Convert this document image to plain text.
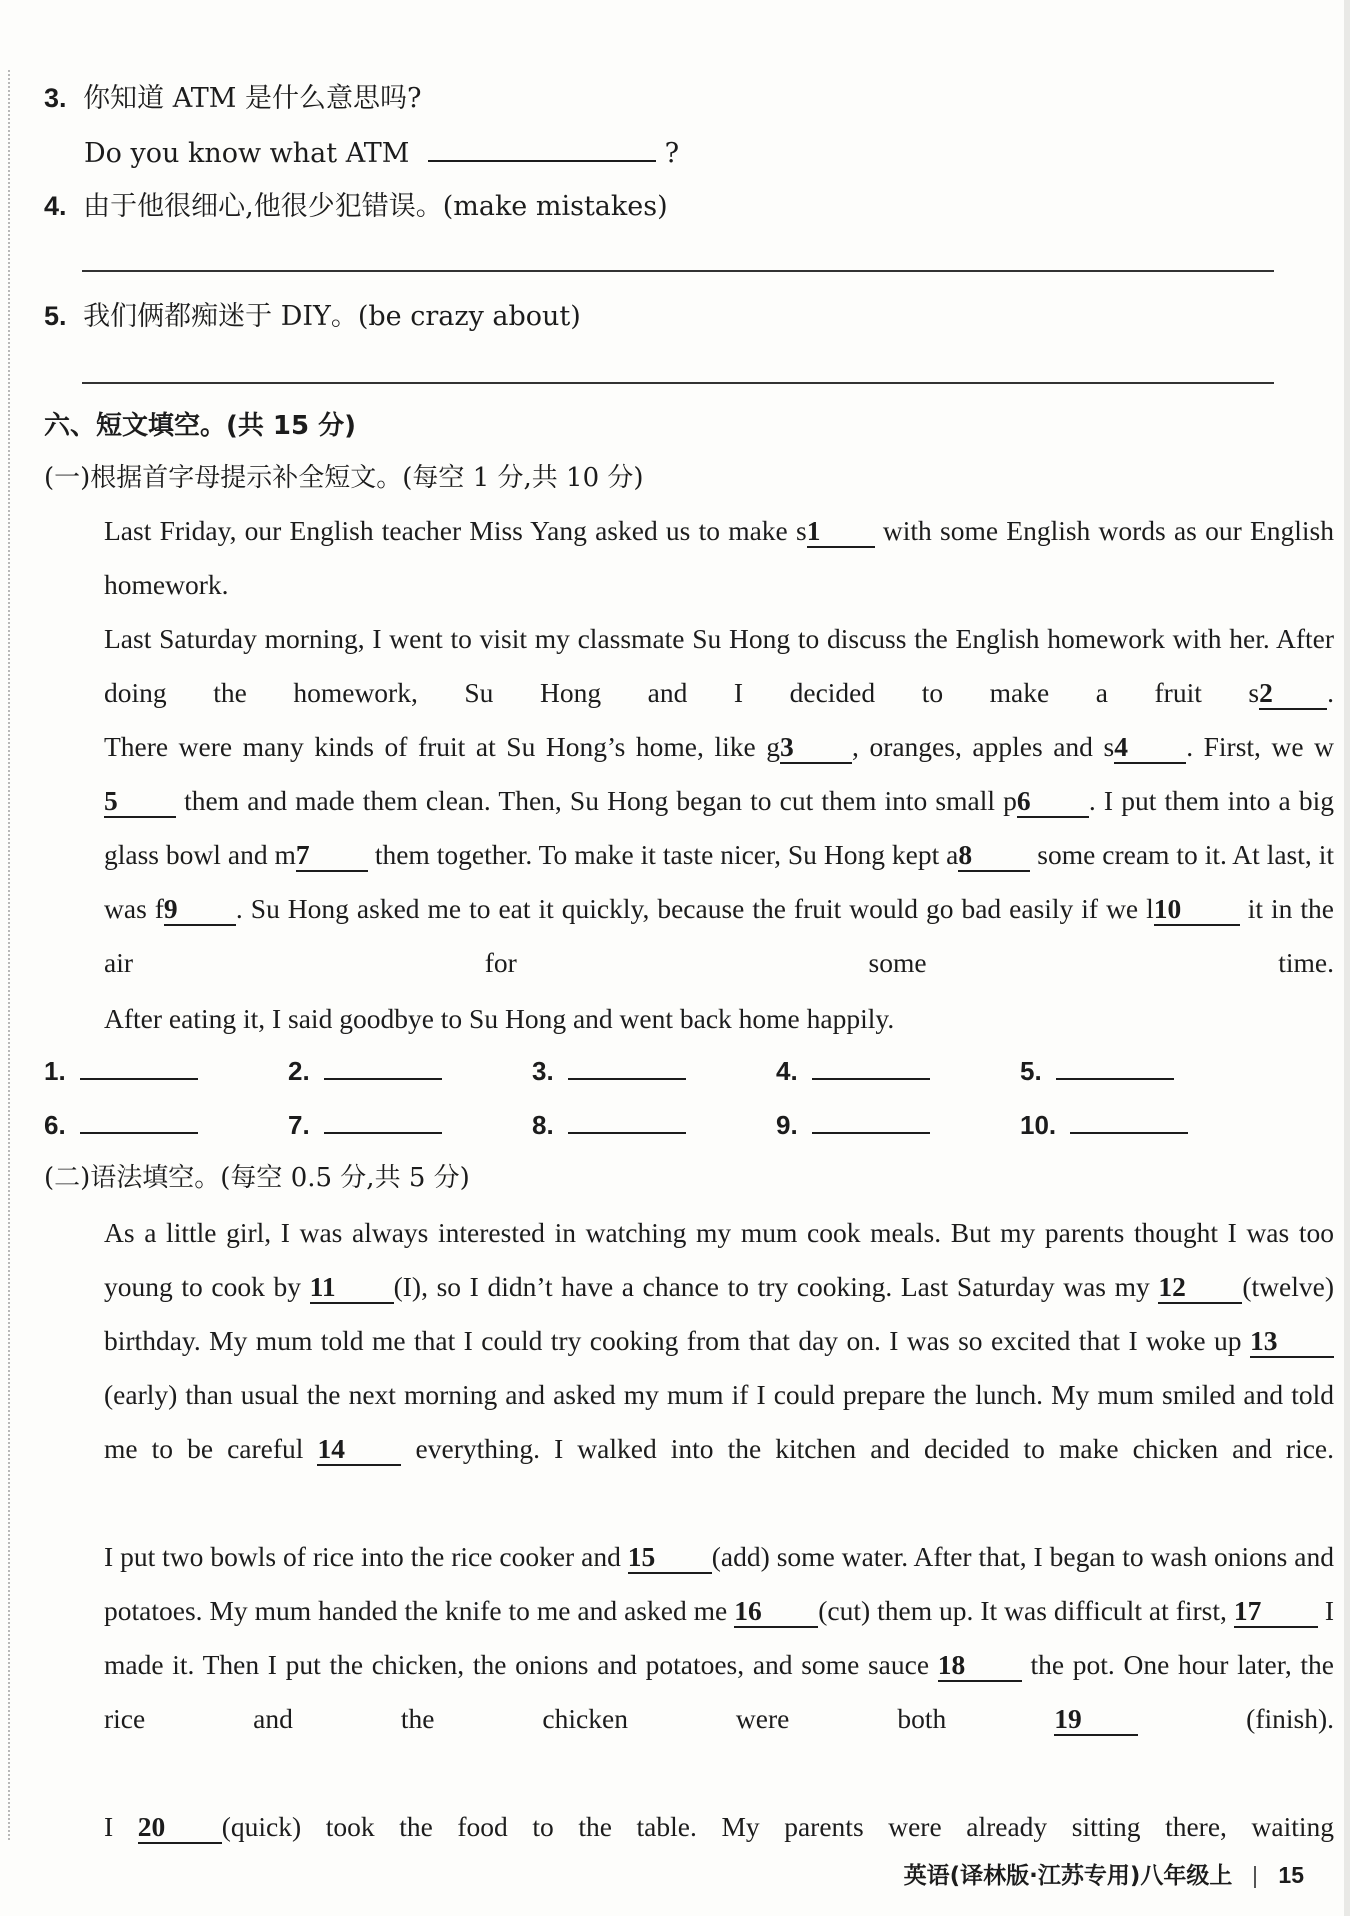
3. 你知道 ATM 是什么意思吗?
Do you know what ATM	?
4. 由于他很细心,他很少犯错误。(make mistakes)
5. 我们俩都痴迷于 DIY。(be crazy about)
六、短文填空。(共 15 分)
(一)根据首字母提示补全短文。(每空 1 分,共 10 分)
Last Friday, our English teacher Miss Yang asked us to make s1 with some English words as our English homework.
Last Saturday morning, I went to visit my classmate Su Hong to discuss the English homework with her. After doing the homework, Su Hong and I decided to make a fruit s2 .
There were many kinds of fruit at Su Hong’s home, like g3 , oranges, apples and s4 . First, we w5 them and made them clean. Then, Su Hong began to cut them into small p6 . I put them into a big glass bowl and m7 them together. To make it taste nicer, Su Hong kept a8 some cream to it. At last, it was f9 . Su Hong asked me to eat it quickly, because the fruit would go bad easily if we l10 it in the air for some time.
After eating it, I said goodbye to Su Hong and went back home happily.
1.	2.	3.	4.	5.
6.	7.	8.	9.	10.
(二)语法填空。(每空 0.5 分,共 5 分)
As a little girl, I was always interested in watching my mum cook meals. But my parents thought I was too young to cook by 11 (I), so I didn’t have a chance to try cooking. Last Saturday was my 12 (twelve) birthday. My mum told me that I could try cooking from that day on. I was so excited that I woke up 13(early) than usual the next morning and asked my mum if I could prepare the lunch. My mum smiled and told me to be careful 14 everything. I walked into the kitchen and decided to make chicken and rice.
I put two bowls of rice into the rice cooker and 15 (add) some water. After that, I began to wash onions and potatoes. My mum handed the knife to me and asked me 16 (cut) them up. It was difficult at first, 17 I made it. Then I put the chicken, the onions and potatoes, and some sauce 18 the pot. One hour later, the rice and the chicken were both 19 (finish).
I 20 (quick) took the food to the table. My parents were already sitting there, waiting
英语(译林版·江苏专用)八年级上 15
